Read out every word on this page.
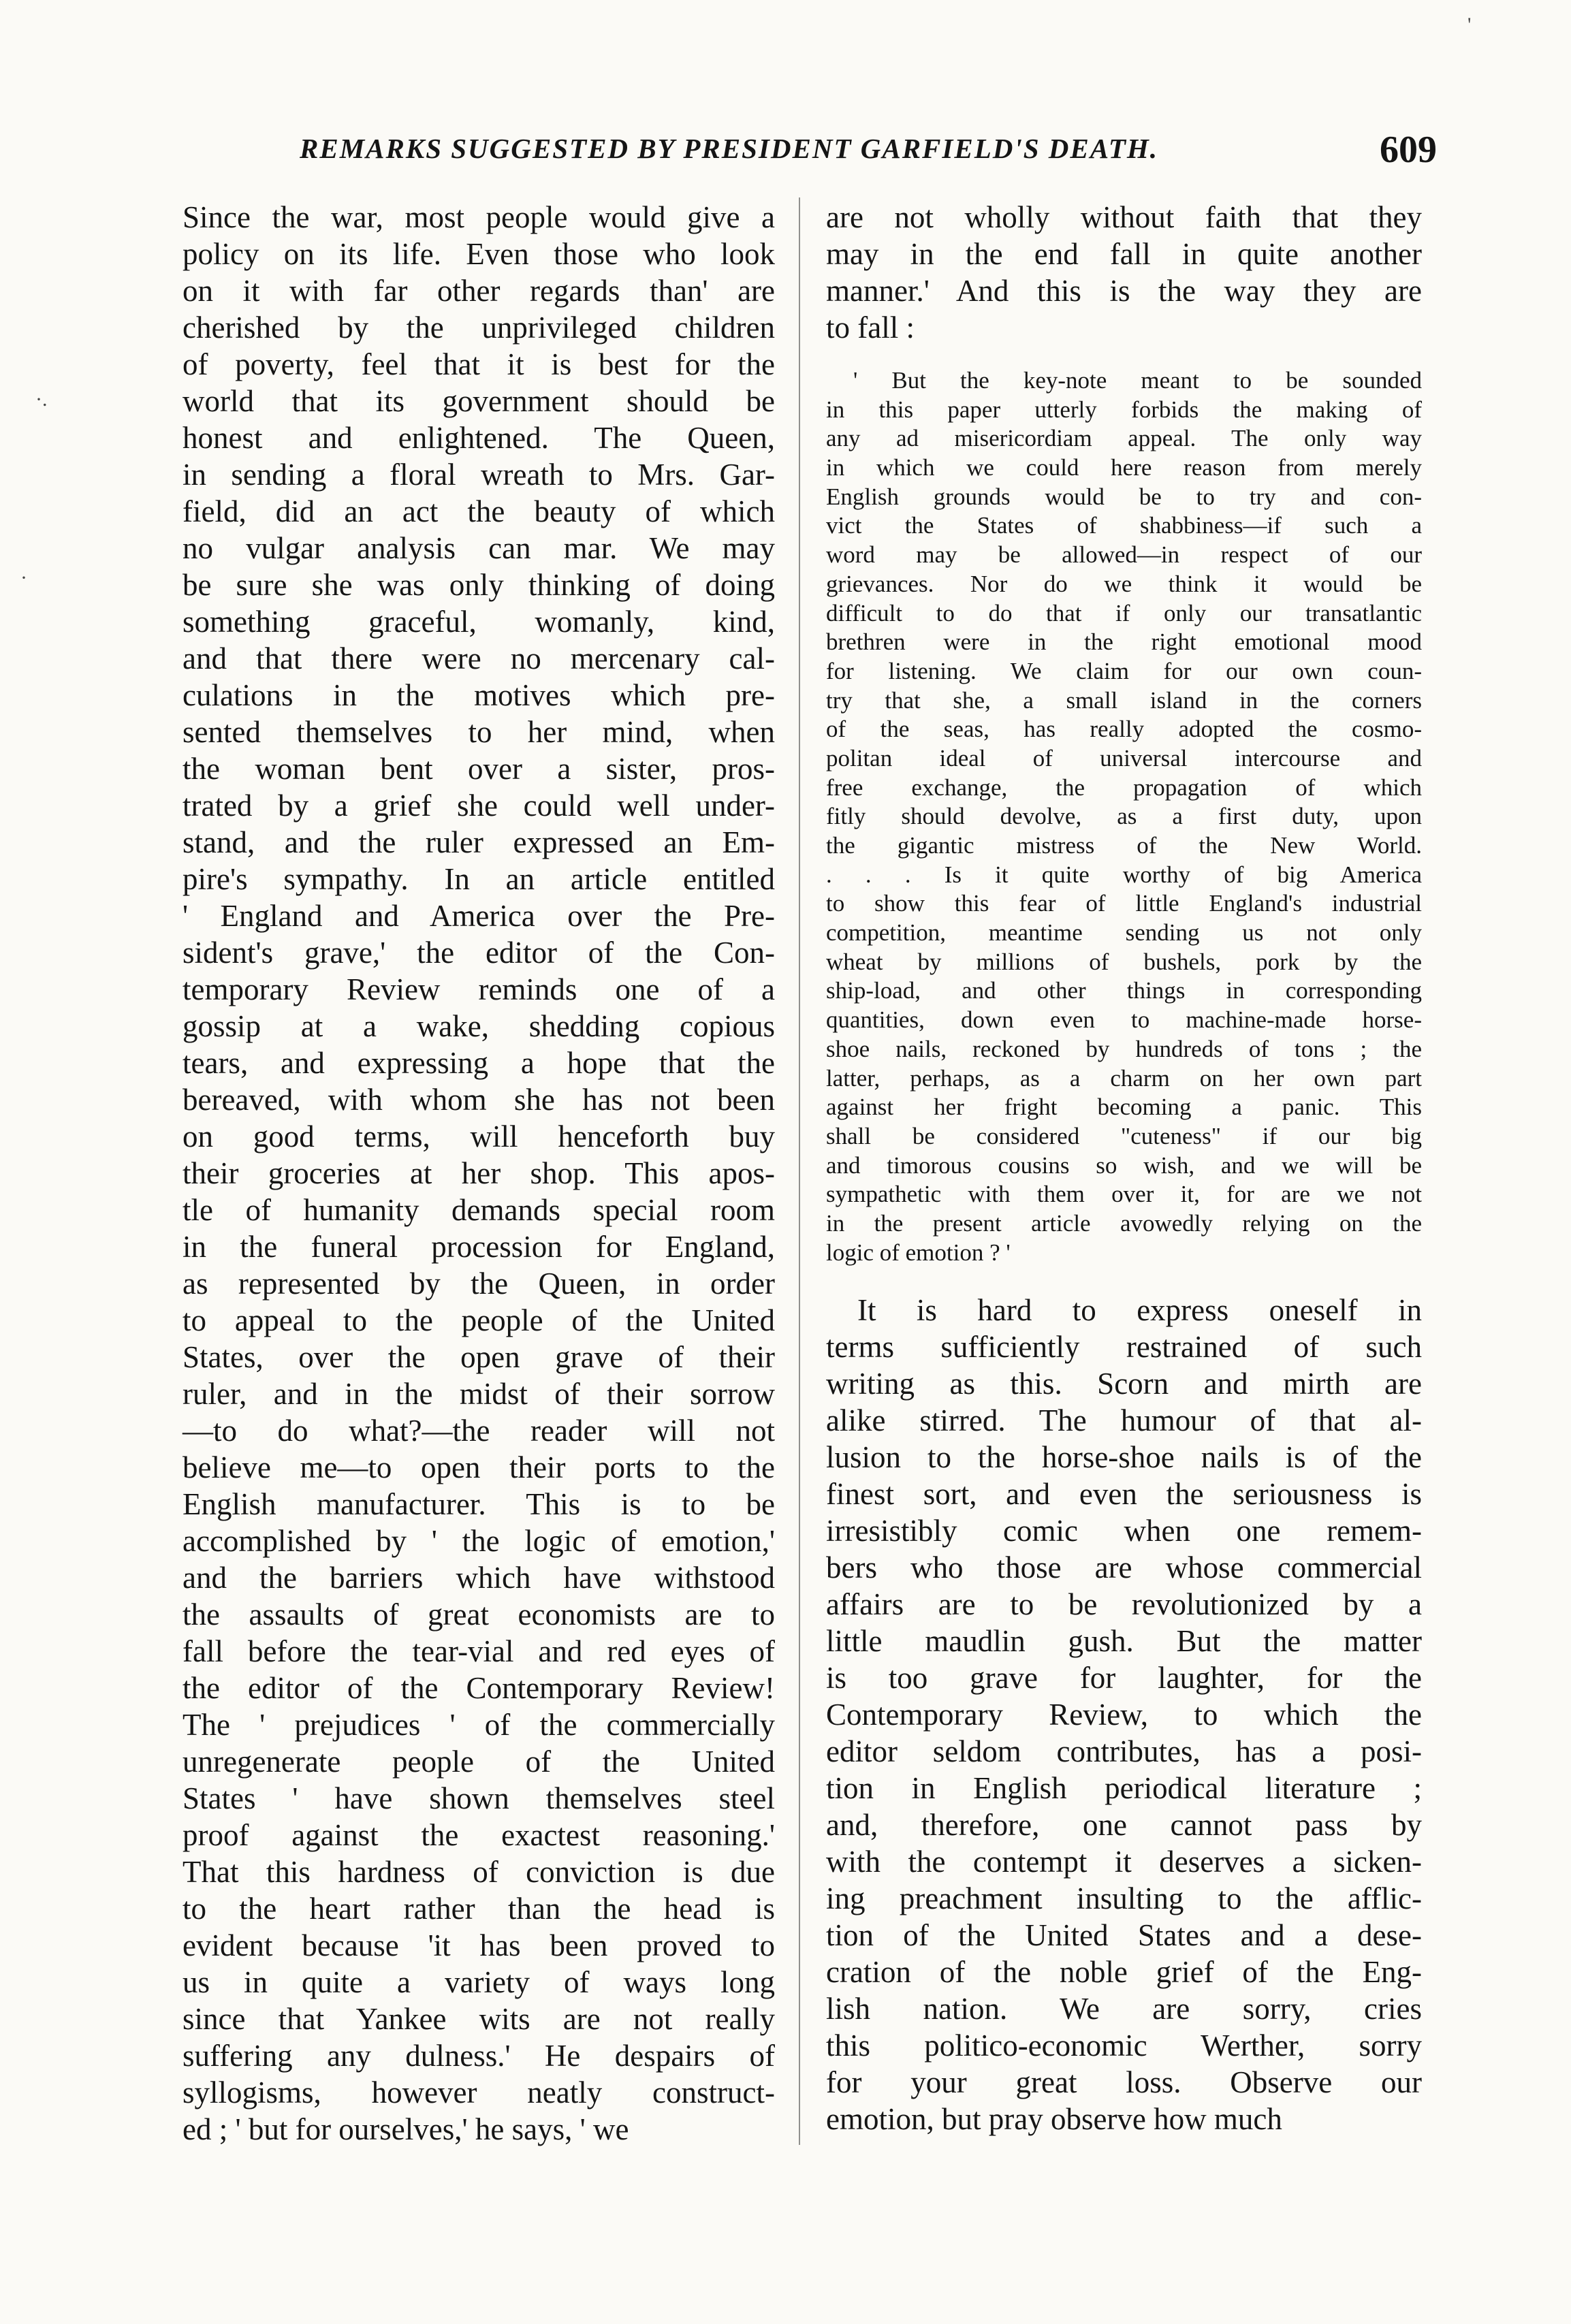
REMARKS SUGGESTED BY PRESIDENT GARFIELD'S DEATH.	609
'
·.
·
Since the war, most people would give a
policy on its life. Even those who look
on it with far other regards than' are
cherished by the unprivileged children
of poverty, feel that it is best for the
world that its government should be
honest and enlightened. The Queen,
in sending a floral wreath to Mrs. Gar-
field, did an act the beauty of which
no vulgar analysis can mar. We may
be sure she was only thinking of doing
something graceful, womanly, kind,
and that there were no mercenary cal-
culations in the motives which pre-
sented themselves to her mind, when
the woman bent over a sister, pros-
trated by a grief she could well under-
stand, and the ruler expressed an Em-
pire's sympathy. In an article entitled
' England and America over the Pre-
sident's grave,' the editor of the Con-
temporary Review reminds one of a
gossip at a wake, shedding copious
tears, and expressing a hope that the
bereaved, with whom she has not been
on good terms, will henceforth buy
their groceries at her shop. This apos-
tle of humanity demands special room
in the funeral procession for England,
as represented by the Queen, in order
to appeal to the people of the United
States, over the open grave of their
ruler, and in the midst of their sorrow
—to do what?—the reader will not
believe me—to open their ports to the
English manufacturer. This is to be
accomplished by ' the logic of emotion,'
and the barriers which have withstood
the assaults of great economists are to
fall before the tear-vial and red eyes of
the editor of the Contemporary Review!
The ' prejudices ' of the commercially
unregenerate people of the United
States ' have shown themselves steel
proof against the exactest reasoning.'
That this hardness of conviction is due
to the heart rather than the head is
evident because 'it has been proved to
us in quite a variety of ways long
since that Yankee wits are not really
suffering any dulness.' He despairs of
syllogisms, however neatly construct-
ed ; ' but for ourselves,' he says, ' we
are not wholly without faith that they
may in the end fall in quite another
manner.' And this is the way they are
to fall :
' But the key-note meant to be sounded
in this paper utterly forbids the making of
any ad misericordiam appeal. The only way
in which we could here reason from merely
English grounds would be to try and con-
vict the States of shabbiness—if such a
word may be allowed—in respect of our
grievances. Nor do we think it would be
difficult to do that if only our transatlantic
brethren were in the right emotional mood
for listening. We claim for our own coun-
try that she, a small island in the corners
of the seas, has really adopted the cosmo-
politan ideal of universal intercourse and
free exchange, the propagation of which
fitly should devolve, as a first duty, upon
the gigantic mistress of the New World.
. . . Is it quite worthy of big America
to show this fear of little England's industrial
competition, meantime sending us not only
wheat by millions of bushels, pork by the
ship-load, and other things in corresponding
quantities, down even to machine-made horse-
shoe nails, reckoned by hundreds of tons ; the
latter, perhaps, as a charm on her own part
against her fright becoming a panic. This
shall be considered "cuteness" if our big
and timorous cousins so wish, and we will be
sympathetic with them over it, for are we not
in the present article avowedly relying on the
logic of emotion ? '
It is hard to express oneself in
terms sufficiently restrained of such
writing as this. Scorn and mirth are
alike stirred. The humour of that al-
lusion to the horse-shoe nails is of the
finest sort, and even the seriousness is
irresistibly comic when one remem-
bers who those are whose commercial
affairs are to be revolutionized by a
little maudlin gush. But the matter
is too grave for laughter, for the
Contemporary Review, to which the
editor seldom contributes, has a posi-
tion in English periodical literature ;
and, therefore, one cannot pass by
with the contempt it deserves a sicken-
ing preachment insulting to the afflic-
tion of the United States and a dese-
cration of the noble grief of the Eng-
lish nation. We are sorry, cries
this politico-economic Werther, sorry
for your great loss. Observe our
emotion, but pray observe how much
